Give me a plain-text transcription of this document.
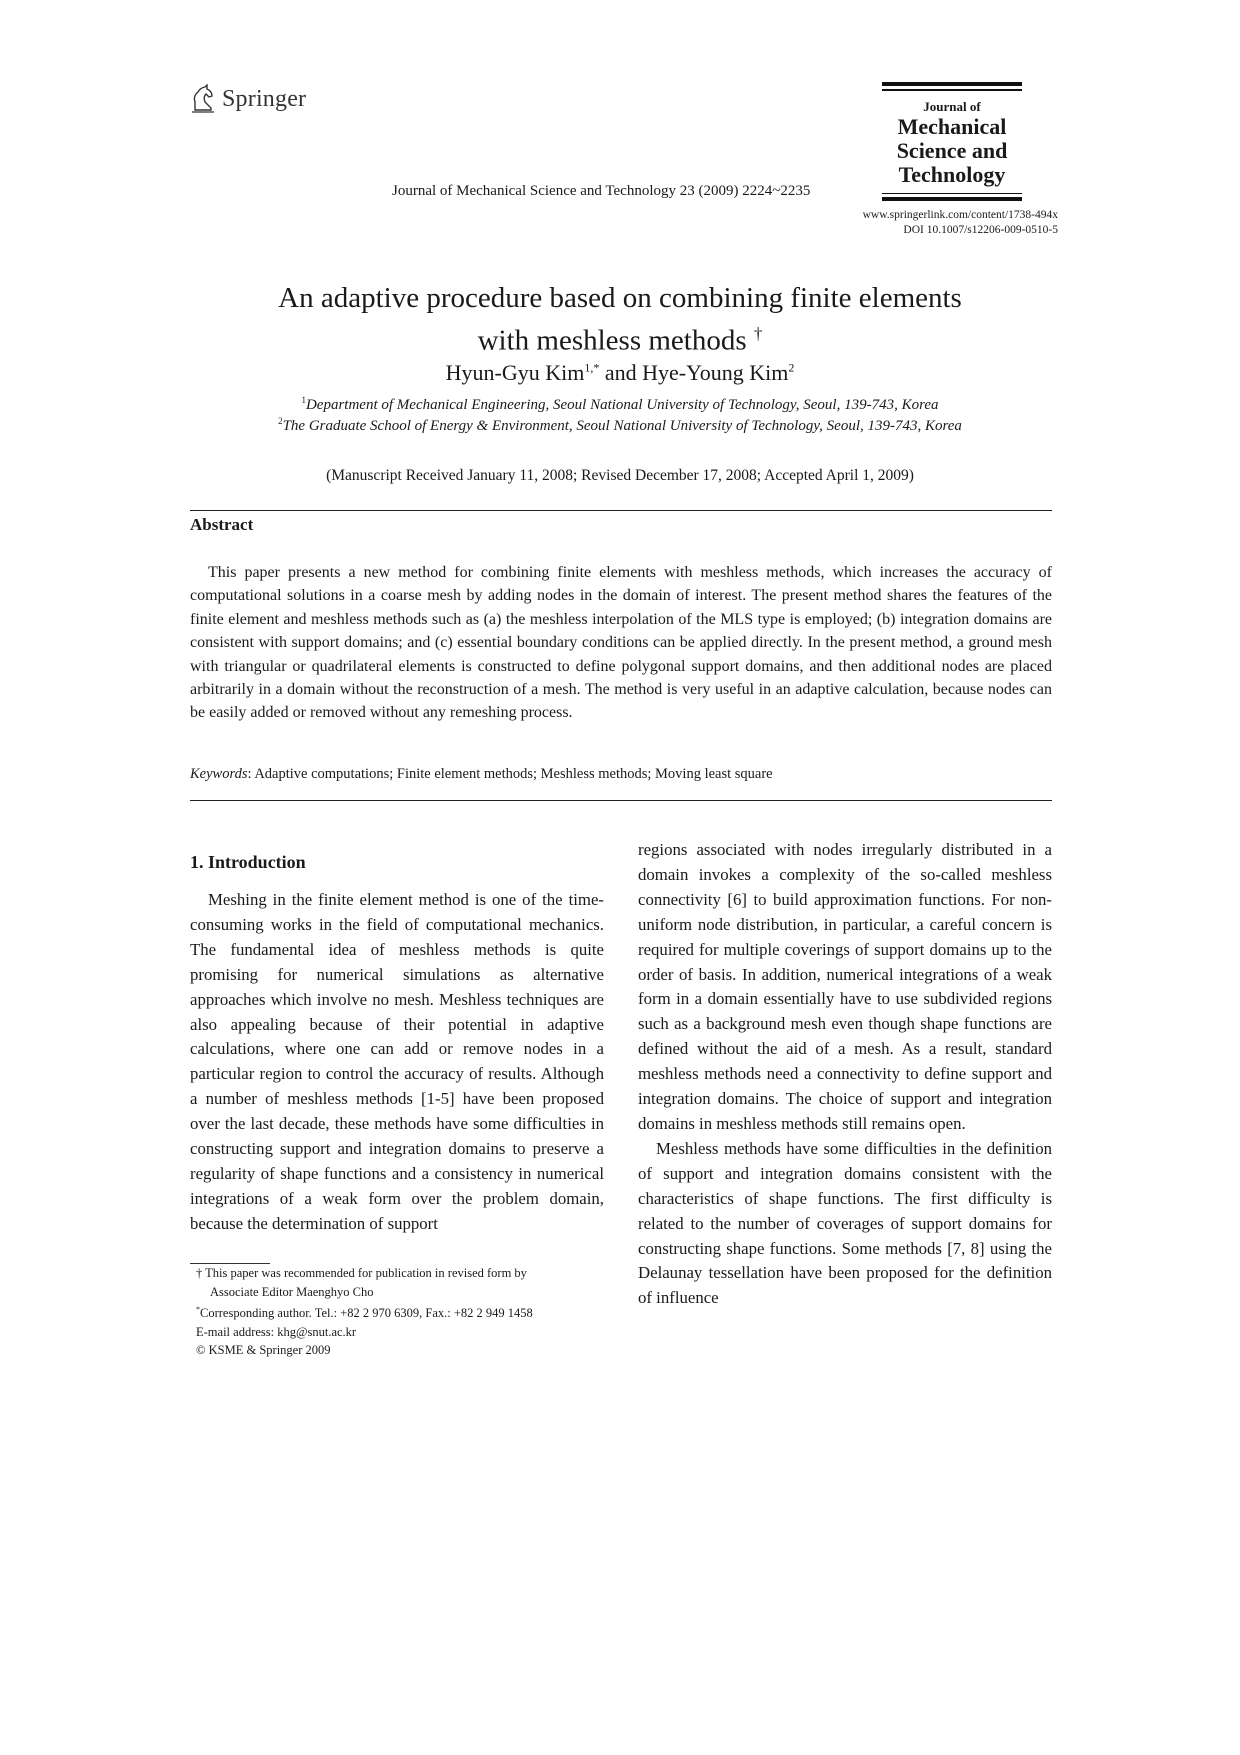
Springer	Journal of
Mechanical
Science and
Technology
Journal of Mechanical Science and Technology 23 (2009) 2224~2235
www.springerlink.com/content/1738-494x
DOI 10.1007/s12206-009-0510-5
An adaptive procedure based on combining finite elements
with meshless methods †
Hyun-Gyu Kim$^{1,*}$ and Hye-Young Kim$^2$
$^1$Department of Mechanical Engineering, Seoul National University of Technology, Seoul, 139-743, Korea
$^2$The Graduate School of Energy & Environment, Seoul National University of Technology, Seoul, 139-743, Korea
(Manuscript Received January 11, 2008; Revised December 17, 2008; Accepted April 1, 2009)
Abstract
This paper presents a new method for combining finite elements with meshless methods, which increases the accuracy of computational solutions in a coarse mesh by adding nodes in the domain of interest. The present method shares the features of the finite element and meshless methods such as (a) the meshless interpolation of the MLS type is employed; (b) integration domains are consistent with support domains; and (c) essential boundary conditions can be applied directly. In the present method, a ground mesh with triangular or quadrilateral elements is constructed to define polygonal support domains, and then additional nodes are placed arbitrarily in a domain without the reconstruction of a mesh. The method is very useful in an adaptive calculation, because nodes can be easily added or removed without any remeshing process.
Keywords: Adaptive computations; Finite element methods; Meshless methods; Moving least square
1. Introduction

Meshing in the finite element method is one of the time-consuming works in the field of computational mechanics. The fundamental idea of meshless methods is quite promising for numerical simulations as alternative approaches which involve no mesh. Meshless techniques are also appealing because of their potential in adaptive calculations, where one can add or remove nodes in a particular region to control the accuracy of results. Although a number of meshless methods [1-5] have been proposed over the last decade, these methods have some difficulties in constructing support and integration domains to preserve a regularity of shape functions and a consistency in numerical integrations of a weak form over the problem domain, because the determination of support

regions associated with nodes irregularly distributed in a domain invokes a complexity of the so-called meshless connectivity [6] to build approximation functions. For non-uniform node distribution, in particular, a careful concern is required for multiple coverings of support domains up to the order of basis. In addition, numerical integrations of a weak form in a domain essentially have to use subdivided regions such as a background mesh even though shape functions are defined without the aid of a mesh. As a result, standard meshless methods need a connectivity to define support and integration domains. The choice of support and integration domains in meshless methods still remains open.

Meshless methods have some difficulties in the definition of support and integration domains consistent with the characteristics of shape functions. The first difficulty is related to the number of coverages of support domains for constructing shape functions. Some methods [7, 8] using the Delaunay tessellation have been proposed for the definition of influence

† This paper was recommended for publication in revised form by
Associate Editor Maenghyo Cho
*Corresponding author. Tel.: +82 2 970 6309, Fax.: +82 2 949 1458
E-mail address: khg@snut.ac.kr
© KSME & Springer 2009
